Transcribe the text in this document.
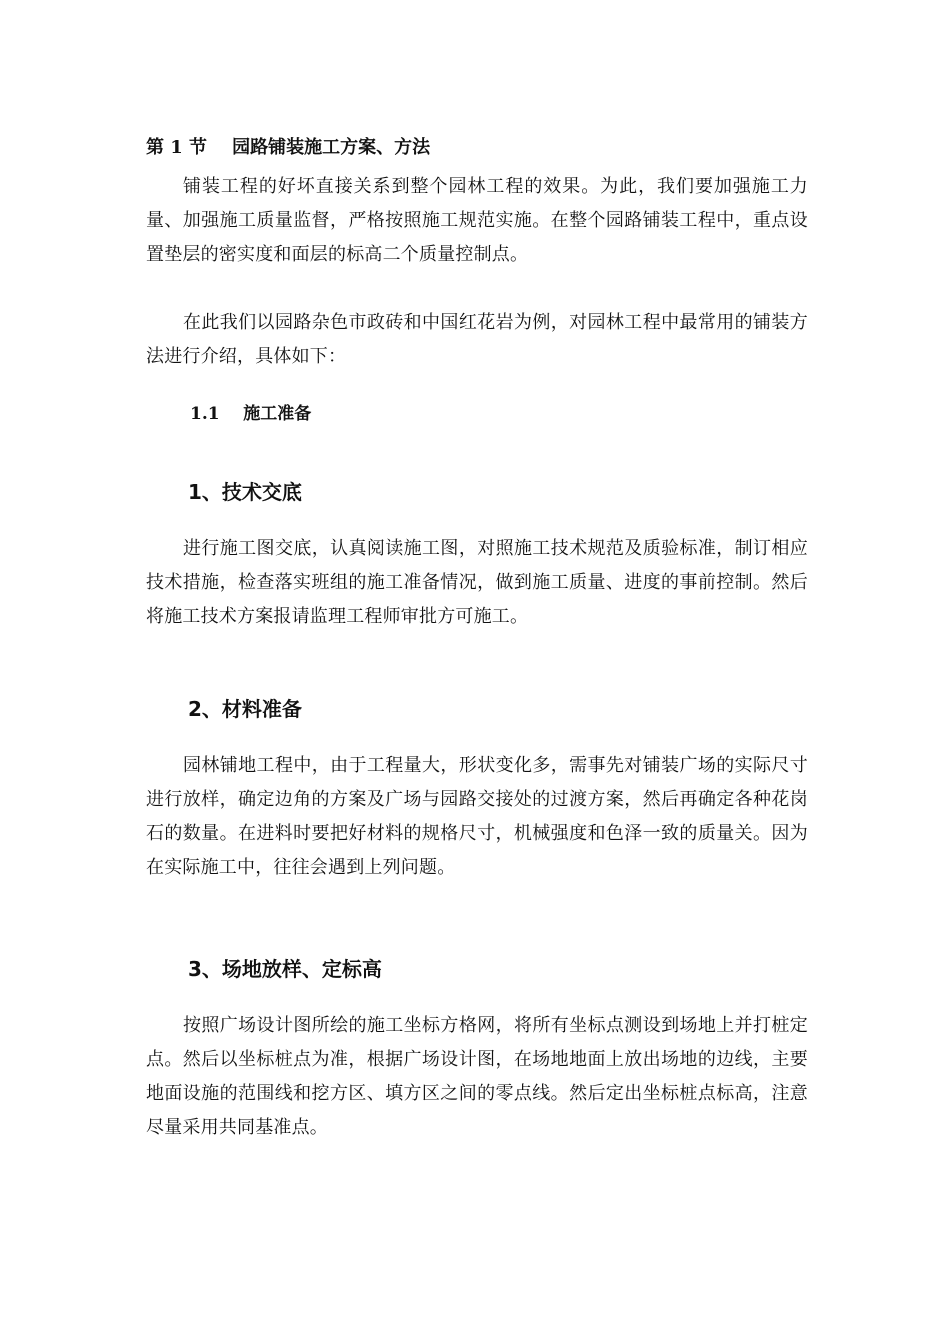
第 1 节    园路铺装施工方案、方法

铺装工程的好坏直接关系到整个园林工程的效果。为此，我们要加强施工力量、加强施工质量监督，严格按照施工规范实施。在整个园路铺装工程中，重点设置垫层的密实度和面层的标高二个质量控制点。

在此我们以园路杂色市政砖和中国红花岩为例，对园林工程中最常用的铺装方法进行介绍，具体如下：

1.1    施工准备
1、技术交底

进行施工图交底，认真阅读施工图，对照施工技术规范及质验标准，制订相应技术措施，检查落实班组的施工准备情况，做到施工质量、进度的事前控制。然后将施工技术方案报请监理工程师审批方可施工。

2、材料准备

园林铺地工程中，由于工程量大，形状变化多，需事先对铺装广场的实际尺寸进行放样，确定边角的方案及广场与园路交接处的过渡方案，然后再确定各种花岗石的数量。在进料时要把好材料的规格尺寸，机械强度和色泽一致的质量关。因为在实际施工中，往往会遇到上列问题。

3、场地放样、定标高

按照广场设计图所绘的施工坐标方格网，将所有坐标点测设到场地上并打桩定点。然后以坐标桩点为准，根据广场设计图，在场地地面上放出场地的边线，主要地面设施的范围线和挖方区、填方区之间的零点线。然后定出坐标桩点标高，注意尽量采用共同基准点。
